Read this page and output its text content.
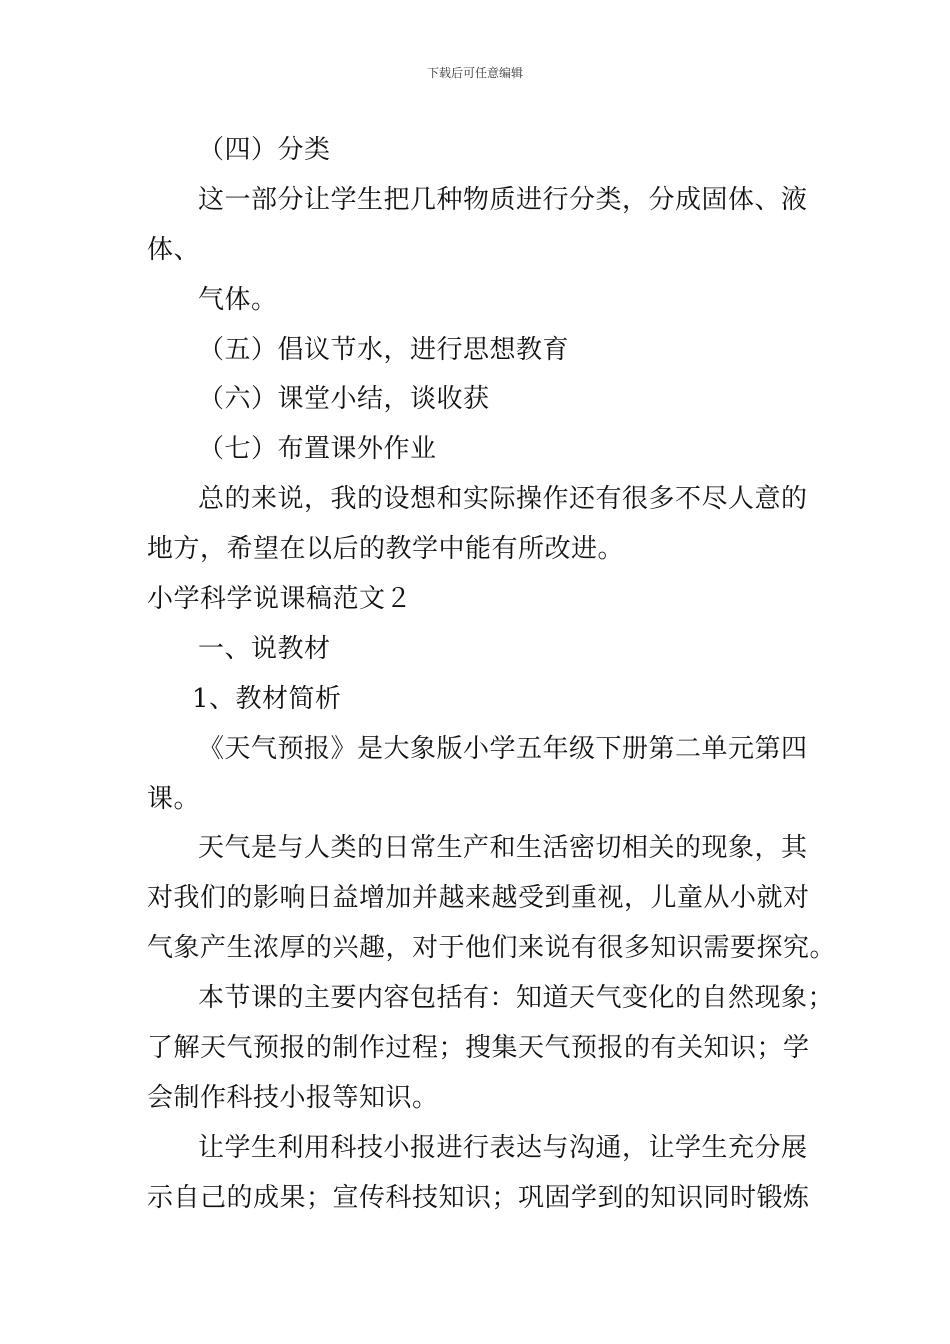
下载后可任意编辑
（四）分类
这一部分让学生把几种物质进行分类，分成固体、液
体、
气体。
（五）倡议节水，进行思想教育
（六）课堂小结，谈收获
（七）布置课外作业
总的来说，我的设想和实际操作还有很多不尽人意的
地方，希望在以后的教学中能有所改进。
小学科学说课稿范文２
一、说教材
1、教材简析
《天气预报》是大象版小学五年级下册第二单元第四
课。
天气是与人类的日常生产和生活密切相关的现象，其
对我们的影响日益增加并越来越受到重视，儿童从小就对
气象产生浓厚的兴趣，对于他们来说有很多知识需要探究。
本节课的主要内容包括有：知道天气变化的自然现象；
了解天气预报的制作过程；搜集天气预报的有关知识；学
会制作科技小报等知识。
让学生利用科技小报进行表达与沟通，让学生充分展
示自己的成果；宣传科技知识；巩固学到的知识同时锻炼
